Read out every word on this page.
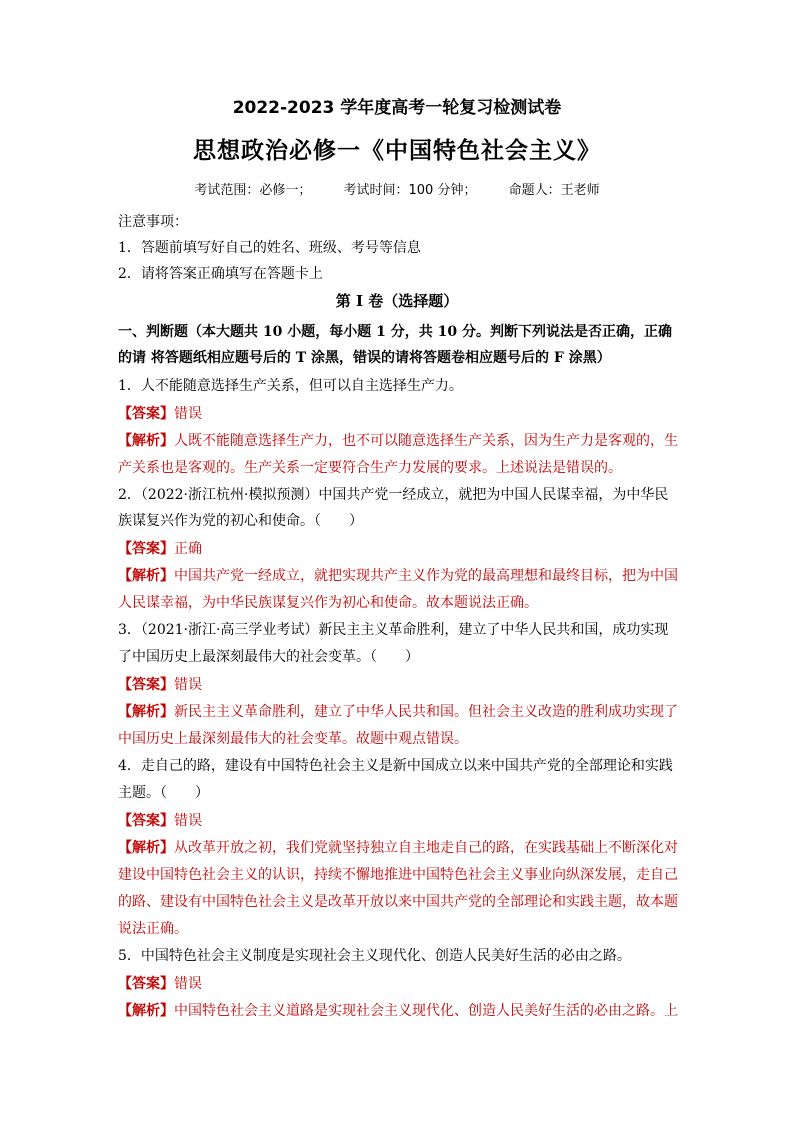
2022-2023 学年度高考一轮复习检测试卷
思想政治必修一《中国特色社会主义》
考试范围：必修一； 考试时间：100 分钟； 命题人：王老师
注意事项：
1．答题前填写好自己的姓名、班级、考号等信息
2．请将答案正确填写在答题卡上
第 I 卷（选择题）
一、判断题（本大题共 10 小题，每小题 1 分，共 10 分。判断下列说法是否正确，正确
的请 将答题纸相应题号后的 T 涂黑，错误的请将答题卷相应题号后的 F 涂黑）
1．人不能随意选择生产关系，但可以自主选择生产力。
【答案】错误
【解析】人既不能随意选择生产力，也不可以随意选择生产关系，因为生产力是客观的，生
产关系也是客观的。生产关系一定要符合生产力发展的要求。上述说法是错误的。
2．（2022·浙江杭州·模拟预测）中国共产党一经成立，就把为中国人民谋幸福，为中华民
族谋复兴作为党的初心和使命。（　　）
【答案】正确
【解析】中国共产党一经成立，就把实现共产主义作为党的最高理想和最终目标，把为中国
人民谋幸福，为中华民族谋复兴作为初心和使命。故本题说法正确。
3．（2021·浙江·高三学业考试）新民主主义革命胜利，建立了中华人民共和国，成功实现
了中国历史上最深刻最伟大的社会变革。（　　）
【答案】错误
【解析】新民主主义革命胜利，建立了中华人民共和国。但社会主义改造的胜利成功实现了
中国历史上最深刻最伟大的社会变革。故题中观点错误。
4．走自己的路，建设有中国特色社会主义是新中国成立以来中国共产党的全部理论和实践
主题。（　　）
【答案】错误
【解析】从改革开放之初，我们党就坚持独立自主地走自己的路，在实践基础上不断深化对
建设中国特色社会主义的认识，持续不懈地推进中国特色社会主义事业向纵深发展，走自己
的路、建设有中国特色社会主义是改革开放以来中国共产党的全部理论和实践主题，故本题
说法正确。
5．中国特色社会主义制度是实现社会主义现代化、创造人民美好生活的必由之路。
【答案】错误
【解析】中国特色社会主义道路是实现社会主义现代化、创造人民美好生活的必由之路。上
